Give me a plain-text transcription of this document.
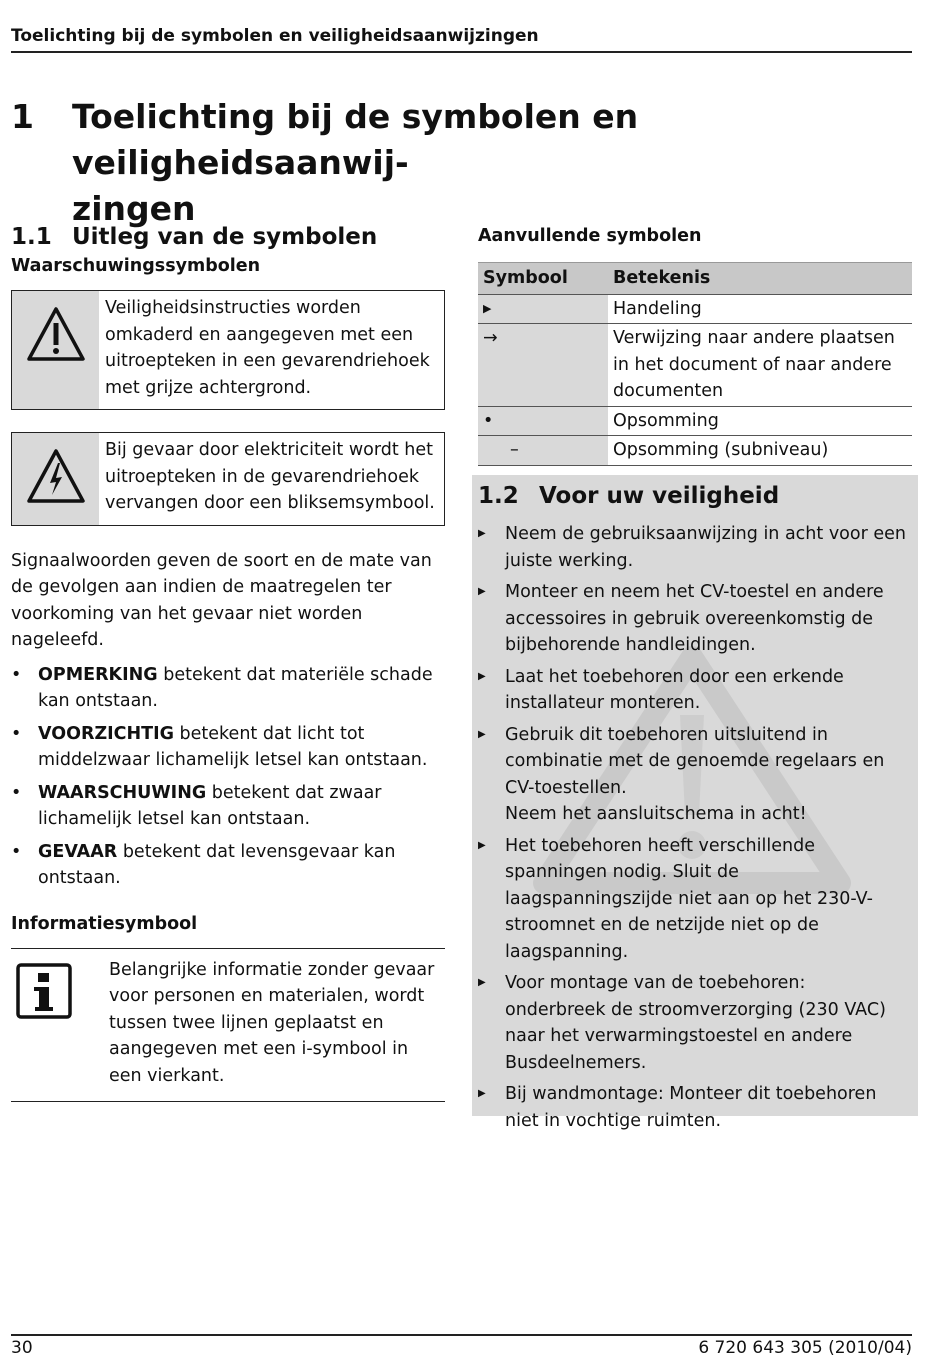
Toelichting bij de symbolen en veiligheidsaanwijzingen
1 Toelichting bij de symbolen en veiligheidsaanwij-
zingen
1.1 Uitleg van de symbolen
Waarschuwingssymbolen
Veiligheidsinstructies worden omkaderd en aangegeven met een uitroepteken in een gevarendriehoek met grijze achtergrond.
Bij gevaar door elektriciteit wordt het uitroepteken in de gevarendriehoek vervangen door een bliksemsymbool.

Signaalwoorden geven de soort en de mate van de gevolgen aan indien de maatregelen ter voorkoming van het gevaar niet worden nageleefd.

• OPMERKING betekent dat materiële schade kan ontstaan.
• VOORZICHTIG betekent dat licht tot middelzwaar lichamelijk letsel kan ontstaan.
• WAARSCHUWING betekent dat zwaar lichamelijk letsel kan ontstaan.
• GEVAAR betekent dat levensgevaar kan ontstaan.
Informatiesymbool
Belangrijke informatie zonder gevaar voor personen en materialen, wordt tussen twee lijnen geplaatst en aangegeven met een i-symbool in een vierkant.
Aanvullende symbolen
Symbool	Betekenis
▶	Handeling
→	Verwijzing naar andere plaatsen in het document of naar andere documenten
•	Opsomming
–	Opsomming (subniveau)
1.2 Voor uw veiligheid
▶ Neem de gebruiksaanwijzing in acht voor een juiste werking.
▶ Monteer en neem het CV-toestel en andere accessoires in gebruik overeenkomstig de bijbehorende handleidingen.
▶ Laat het toebehoren door een erkende installateur monteren.
▶ Gebruik dit toebehoren uitsluitend in combinatie met de genoemde regelaars en CV-toestellen.
Neem het aansluitschema in acht!
▶ Het toebehoren heeft verschillende spanningen nodig. Sluit de laagspanningszijde niet aan op het 230-V-stroomnet en de netzijde niet op de laagspanning.
▶ Voor montage van de toebehoren: onderbreek de stroomverzorging (230 VAC) naar het verwarmingstoestel en andere Busdeelnemers.
▶ Bij wandmontage: Monteer dit toebehoren niet in vochtige ruimten.
30	6 720 643 305 (2010/04)
